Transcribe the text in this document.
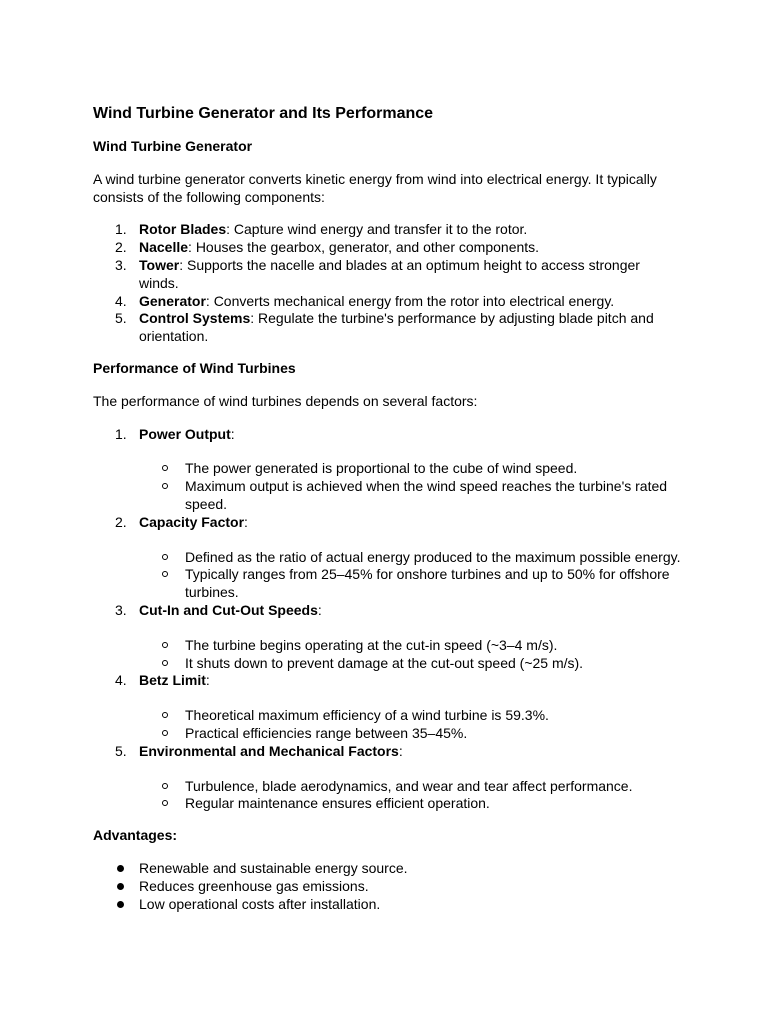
Wind Turbine Generator and Its Performance
Wind Turbine Generator
A wind turbine generator converts kinetic energy from wind into electrical energy. It typically consists of the following components:
1. Rotor Blades: Capture wind energy and transfer it to the rotor.
2. Nacelle: Houses the gearbox, generator, and other components.
3. Tower: Supports the nacelle and blades at an optimum height to access stronger winds.
4. Generator: Converts mechanical energy from the rotor into electrical energy.
5. Control Systems: Regulate the turbine's performance by adjusting blade pitch and orientation.
Performance of Wind Turbines
The performance of wind turbines depends on several factors:
1. Power Output:
The power generated is proportional to the cube of wind speed.
Maximum output is achieved when the wind speed reaches the turbine's rated speed.
2. Capacity Factor:
Defined as the ratio of actual energy produced to the maximum possible energy.
Typically ranges from 25–45% for onshore turbines and up to 50% for offshore turbines.
3. Cut-In and Cut-Out Speeds:
The turbine begins operating at the cut-in speed (~3–4 m/s).
It shuts down to prevent damage at the cut-out speed (~25 m/s).
4. Betz Limit:
Theoretical maximum efficiency of a wind turbine is 59.3%.
Practical efficiencies range between 35–45%.
5. Environmental and Mechanical Factors:
Turbulence, blade aerodynamics, and wear and tear affect performance.
Regular maintenance ensures efficient operation.
Advantages:
Renewable and sustainable energy source.
Reduces greenhouse gas emissions.
Low operational costs after installation.
